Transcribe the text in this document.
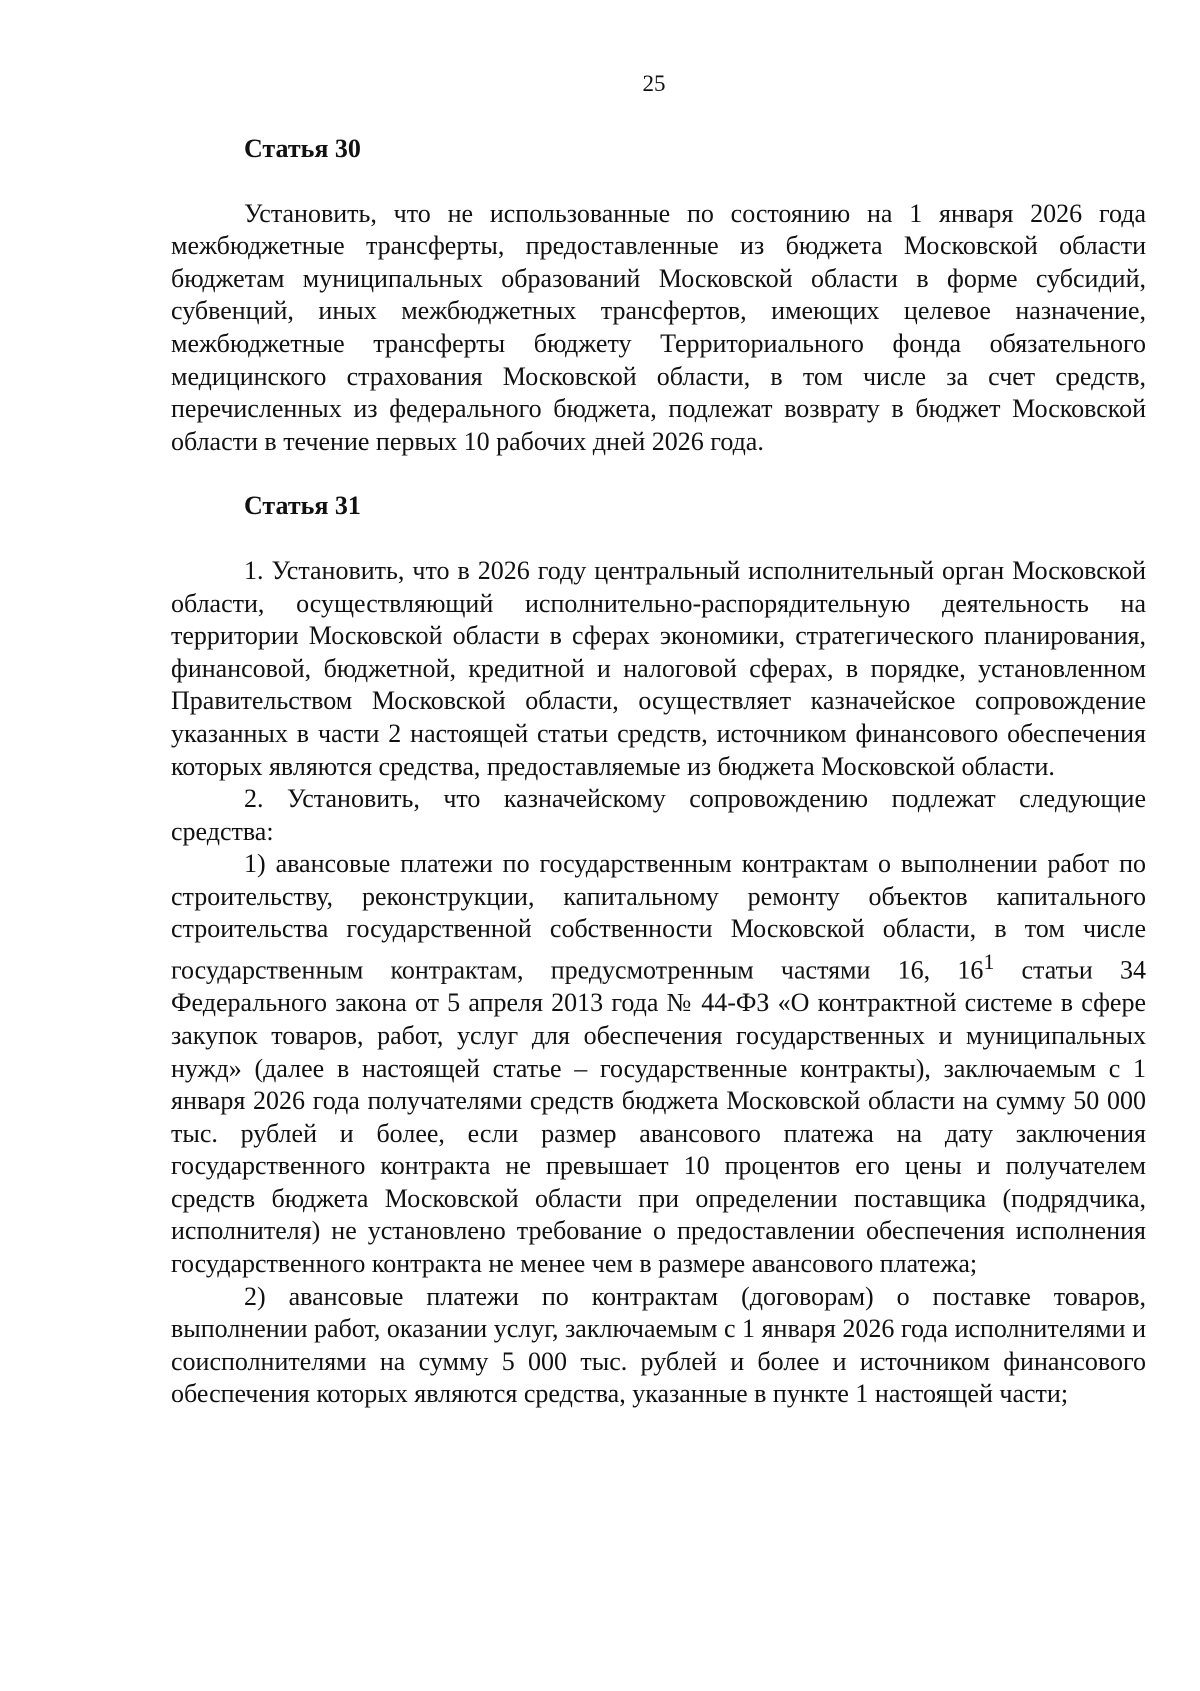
25

Статья 30

Установить, что не использованные по состоянию на 1 января 2026 года межбюджетные трансферты, предоставленные из бюджета Московской области бюджетам муниципальных образований Московской области в форме субсидий, субвенций, иных межбюджетных трансфертов, имеющих целевое назначение, межбюджетные трансферты бюджету Территориального фонда обязательного медицинского страхования Московской области, в том числе за счет средств, перечисленных из федерального бюджета, подлежат возврату в бюджет Московской области в течение первых 10 рабочих дней 2026 года.

Статья 31

1. Установить, что в 2026 году центральный исполнительный орган Московской области, осуществляющий исполнительно-распорядительную деятельность на территории Московской области в сферах экономики, стратегического планирования, финансовой, бюджетной, кредитной и налоговой сферах, в порядке, установленном Правительством Московской области, осуществляет казначейское сопровождение указанных в части 2 настоящей статьи средств, источником финансового обеспечения которых являются средства, предоставляемые из бюджета Московской области.

2. Установить, что казначейскому сопровождению подлежат следующие средства:

1) авансовые платежи по государственным контрактам о выполнении работ по строительству, реконструкции, капитальному ремонту объектов капитального строительства государственной собственности Московской области, в том числе государственным контрактам, предусмотренным частями 16, $16^1$ статьи 34 Федерального закона от 5 апреля 2013 года № 44-ФЗ «О контрактной системе в сфере закупок товаров, работ, услуг для обеспечения государственных и муниципальных нужд» (далее в настоящей статье – государственные контракты), заключаемым с 1 января 2026 года получателями средств бюджета Московской области на сумму 50 000 тыс. рублей и более, если размер авансового платежа на дату заключения государственного контракта не превышает 10 процентов его цены и получателем средств бюджета Московской области при определении поставщика (подрядчика, исполнителя) не установлено требование о предоставлении обеспечения исполнения государственного контракта не менее чем в размере авансового платежа;

2) авансовые платежи по контрактам (договорам) о поставке товаров, выполнении работ, оказании услуг, заключаемым с 1 января 2026 года исполнителями и соисполнителями на сумму 5 000 тыс. рублей и более и источником финансового обеспечения которых являются средства, указанные в пункте 1 настоящей части;
